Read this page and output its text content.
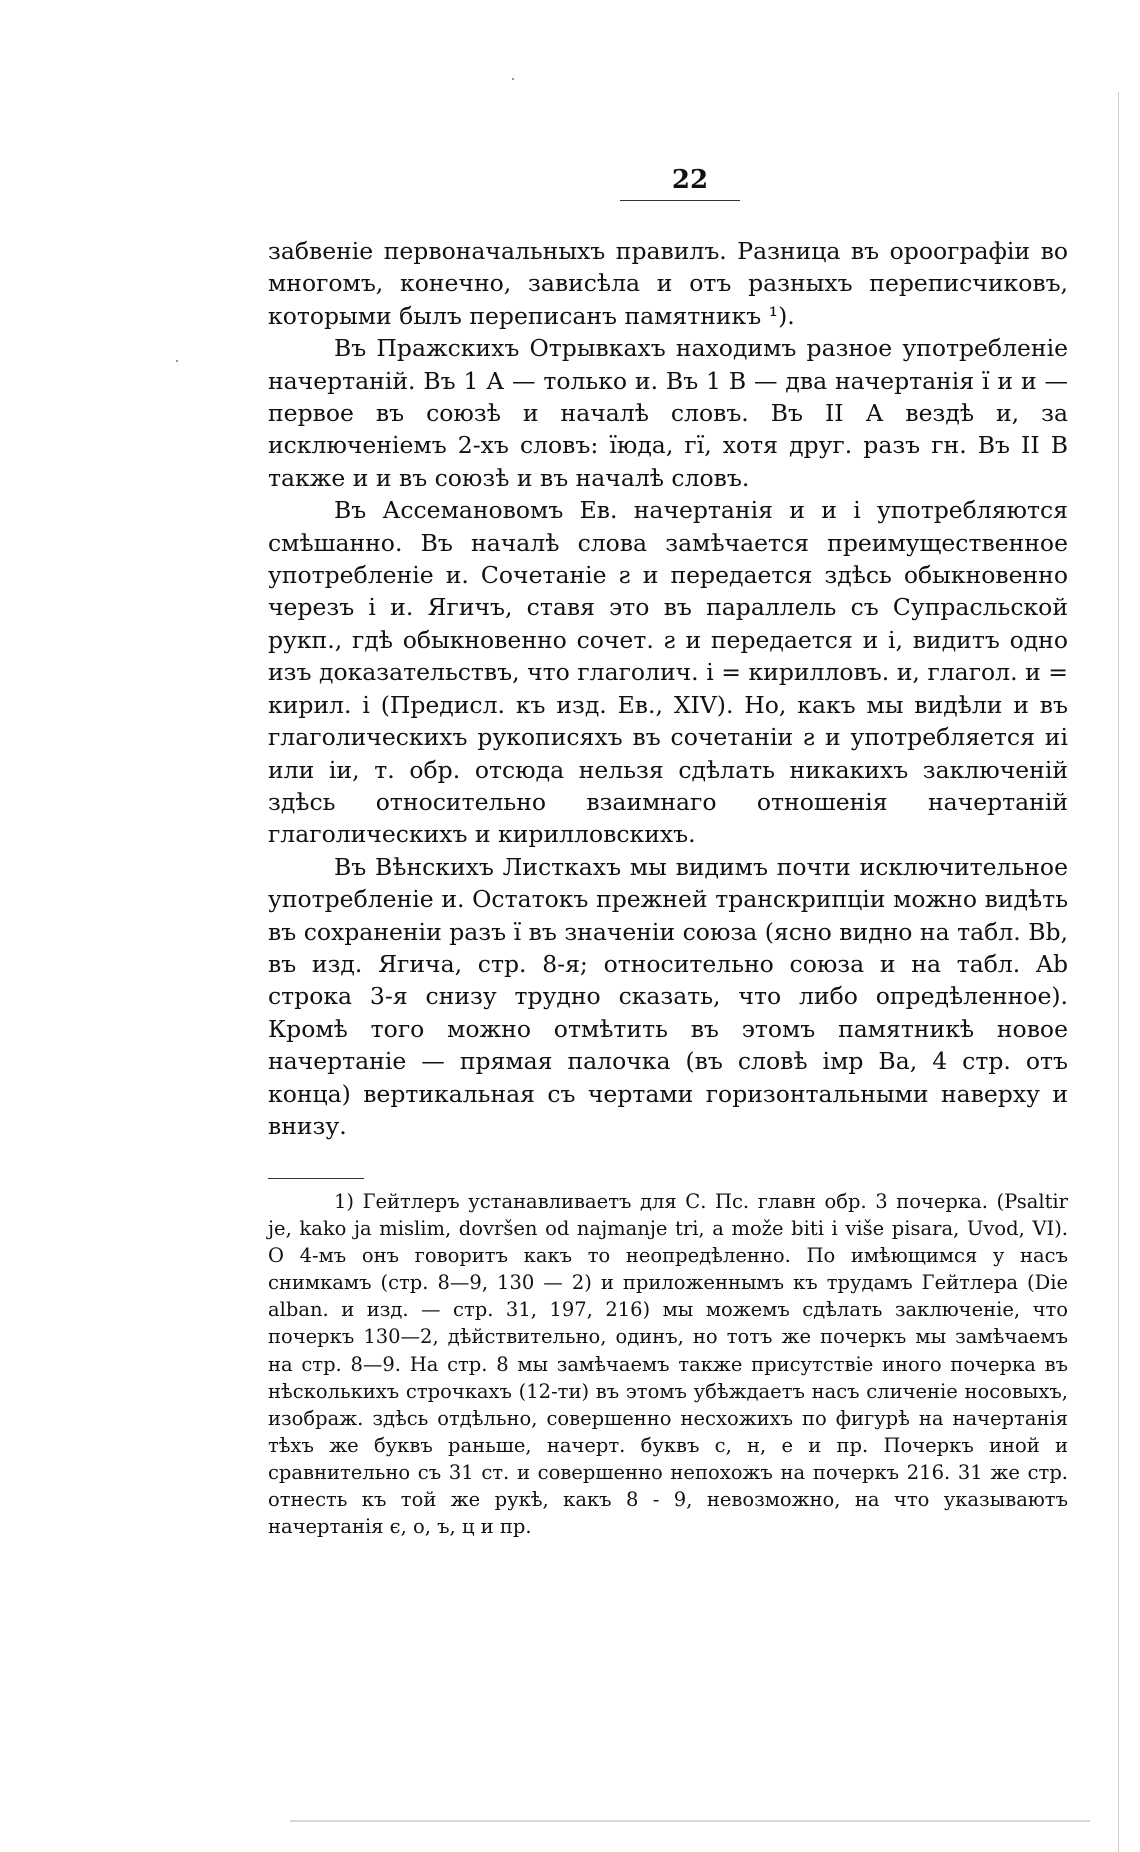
22

забвеніе первоначальныхъ правилъ. Разница въ ороографіи во многомъ, конечно, зависѣла и отъ разныхъ переписчиковъ, которыми былъ переписанъ памятникъ ¹).

Въ Пражскихъ Отрывкахъ находимъ разное употребленіе начертаній. Въ 1 А — только и. Въ 1 В — два начертанія ї и и — первое въ союзѣ и началѣ словъ. Въ II А вездѣ и, за исключеніемъ 2-хъ словъ: їюда, гї, хотя друг. разъ гн. Въ II В также и и въ союзѣ и въ началѣ словъ.

Въ Ассемановомъ Ев. начертанія и и і употребляются смѣшанно. Въ началѣ слова замѣчается преимущественное употребленіе и. Сочетаніе ƨ и передается здѣсь обыкновенно черезъ і и. Ягичъ, ставя это въ параллель съ Супрасльской рукп., гдѣ обыкновенно сочет. ƨ и передается и і, видитъ одно изъ доказательствъ, что глаголич. і = кирилловъ. и, глагол. и = кирил. і (Предисл. къ изд. Ев., XIV). Но, какъ мы видѣли и въ глаголическихъ рукописяхъ въ сочетаніи ƨ и употребляется иі или іи, т. обр. отсюда нельзя сдѣлать никакихъ заключеній здѣсь относительно взаимнаго отношенія начертаній глаголическихъ и кирилловскихъ.

Въ Вѣнскихъ Листкахъ мы видимъ почти исключительное употребленіе и. Остатокъ прежней транскрипціи можно видѣть въ сохраненіи разъ ї въ значеніи союза (ясно видно на табл. Bb, въ изд. Ягича, стр. 8-я; относительно союза и на табл. Ab строка 3-я снизу трудно сказать, что либо опредѣленное). Кромѣ того можно отмѣтить въ этомъ памятникѣ новое начертаніе — прямая палочка (въ словѣ імр Ва, 4 стр. отъ конца) вертикальная съ чертами горизонтальными наверху и внизу.

1) Гейтлеръ устанавливаетъ для С. Пс. главн обр. 3 почерка. (Psaltir je, kako ja mislim, dovršen od najmanje tri, a može biti i više pisara, Uvod, VI). О 4-мъ онъ говоритъ какъ то неопредѣленно. По имѣющимся у насъ снимкамъ (стр. 8—9, 130 — 2) и приложеннымъ къ трудамъ Гейтлера (Die alban. и изд. — стр. 31, 197, 216) мы можемъ сдѣлать заключеніе, что почеркъ 130—2, дѣйствительно, одинъ, но тотъ же почеркъ мы замѣчаемъ на стр. 8—9. На стр. 8 мы замѣчаемъ также присутствіе иного почерка въ нѣсколькихъ строчкахъ (12-ти) въ этомъ убѣждаетъ насъ сличеніе носовыхъ, изображ. здѣсь отдѣльно, совершенно несхожихъ по фигурѣ на начертанія тѣхъ же буквъ раньше, начерт. буквъ с, н, е и пр. Почеркъ иной и сравнительно съ 31 ст. и совершенно непохожъ на почеркъ 216. 31 же стр. отнесть къ той же рукѣ, какъ 8 - 9, невозможно, на что указываютъ начертанія є, о, ъ, ц и пр.
